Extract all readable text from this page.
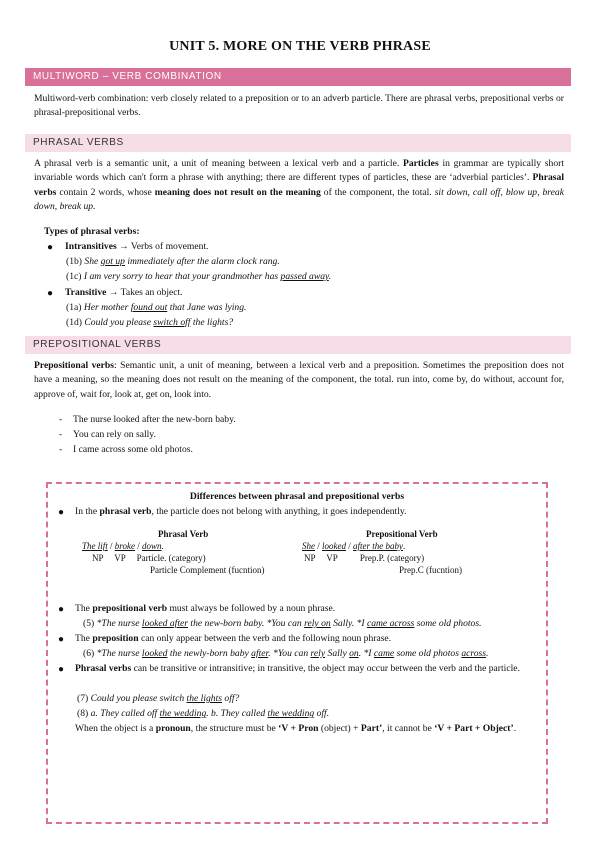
UNIT 5. MORE ON THE VERB PHRASE
MULTIWORD – VERB COMBINATION
Multiword-verb combination: verb closely related to a preposition or to an adverb particle. There are phrasal verbs, prepositional verbs or phrasal-prepositional verbs.
PHRASAL VERBS
A phrasal verb is a semantic unit, a unit of meaning between a lexical verb and a particle. Particles in grammar are typically short invariable words which can't form a phrase with anything; there are different types of particles, these are ‘adverbial particles’. Phrasal verbs contain 2 words, whose meaning does not result on the meaning of the component, the total. sit down, call off, blow up, break down, break up.
Types of phrasal verbs:
● Intransitives → Verbs of movement.
(1b) She got up immediately after the alarm clock rang.
(1c) I am very sorry to hear that your grandmother has passed away.
● Transitive → Takes an object.
(1a) Her mother found out that Jane was lying.
(1d) Could you please switch off the lights?
PREPOSITIONAL VERBS
Prepositional verbs: Semantic unit, a unit of meaning, between a lexical verb and a preposition. Sometimes the preposition does not have a meaning, so the meaning does not result on the meaning of the component, the total. run into, come by, do without, account for, approve of, wait for, look at, get on, look into.
- The nurse looked after the new-born baby.
- You can rely on sally.
- I came across some old photos.
Differences between phrasal and prepositional verbs
● In the phrasal verb, the particle does not belong with anything, it goes independently.
Phrasal Verb
The lift / broke / down.
NP     VP     Particle. (category)
Particle Complement (fucntion)
Prepositional Verb
She / looked / after the baby.
NP     VP          Prep.P. (category)
Prep.C (fucntion)
● The prepositional verb must always be followed by a noun phrase.
(5) *The nurse looked after the new-born baby. *You can rely on Sally. *I came across some old photos.
● The preposition can only appear between the verb and the following noun phrase.
(6) *The nurse looked the newly-born baby after. *You can rely Sally on. *I came some old photos across.
● Phrasal verbs can be transitive or intransitive; in transitive, the object may occur between the verb and the particle.
(7) Could you please switch the lights off?
(8) a. They called off the wedding. b. They called the wedding off.
When the object is a pronoun, the structure must be ‘V + Pron (object) + Part’, it cannot be ‘V + Part + Object’.
